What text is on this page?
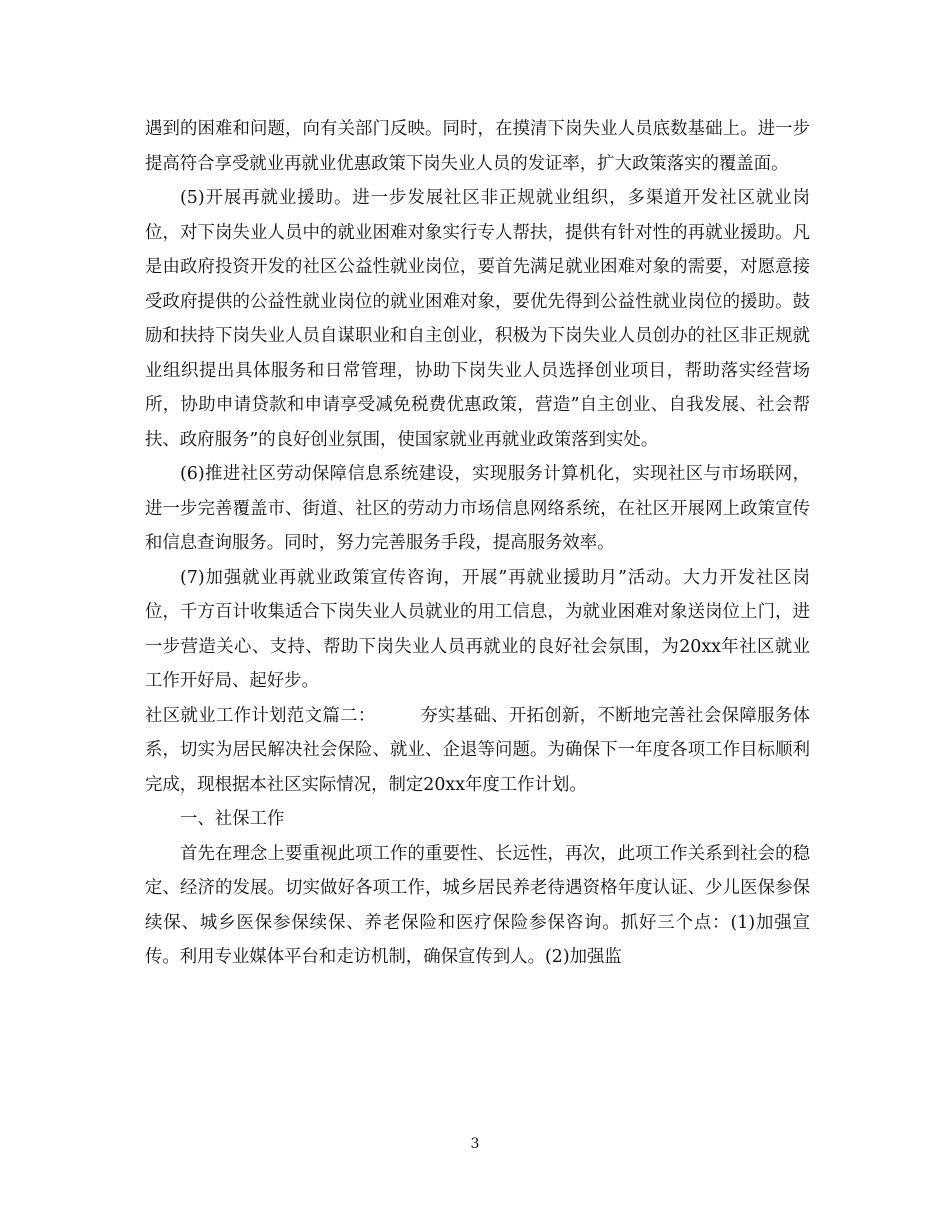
遇到的困难和问题，向有关部门反映。同时，在摸清下岗失业人员底数基础上。进一步提高符合享受就业再就业优惠政策下岗失业人员的发证率，扩大政策落实的覆盖面。

(5)开展再就业援助。进一步发展社区非正规就业组织，多渠道开发社区就业岗位，对下岗失业人员中的就业困难对象实行专人帮扶，提供有针对性的再就业援助。凡是由政府投资开发的社区公益性就业岗位，要首先满足就业困难对象的需要，对愿意接受政府提供的公益性就业岗位的就业困难对象，要优先得到公益性就业岗位的援助。鼓励和扶持下岗失业人员自谋职业和自主创业，积极为下岗失业人员创办的社区非正规就业组织提出具体服务和日常管理，协助下岗失业人员选择创业项目，帮助落实经营场所，协助申请贷款和申请享受减免税费优惠政策，营造”自主创业、自我发展、社会帮扶、政府服务”的良好创业氛围，使国家就业再就业政策落到实处。

(6)推进社区劳动保障信息系统建设，实现服务计算机化，实现社区与市场联网，进一步完善覆盖市、街道、社区的劳动力市场信息网络系统，在社区开展网上政策宣传和信息查询服务。同时，努力完善服务手段，提高服务效率。

(7)加强就业再就业政策宣传咨询，开展”再就业援助月”活动。大力开发社区岗位，千方百计收集适合下岗失业人员就业的用工信息，为就业困难对象送岗位上门，进一步营造关心、支持、帮助下岗失业人员再就业的良好社会氛围，为20xx年社区就业工作开好局、起好步。

社区就业工作计划范文篇二：　　　夯实基础、开拓创新，不断地完善社会保障服务体系，切实为居民解决社会保险、就业、企退等问题。为确保下一年度各项工作目标顺利完成，现根据本社区实际情况，制定20xx年度工作计划。

一、社保工作

首先在理念上要重视此项工作的重要性、长远性，再次，此项工作关系到社会的稳定、经济的发展。切实做好各项工作，城乡居民养老待遇资格年度认证、少儿医保参保续保、城乡医保参保续保、养老保险和医疗保险参保咨询。抓好三个点：(1)加强宣传。利用专业媒体平台和走访机制，确保宣传到人。(2)加强监

3
